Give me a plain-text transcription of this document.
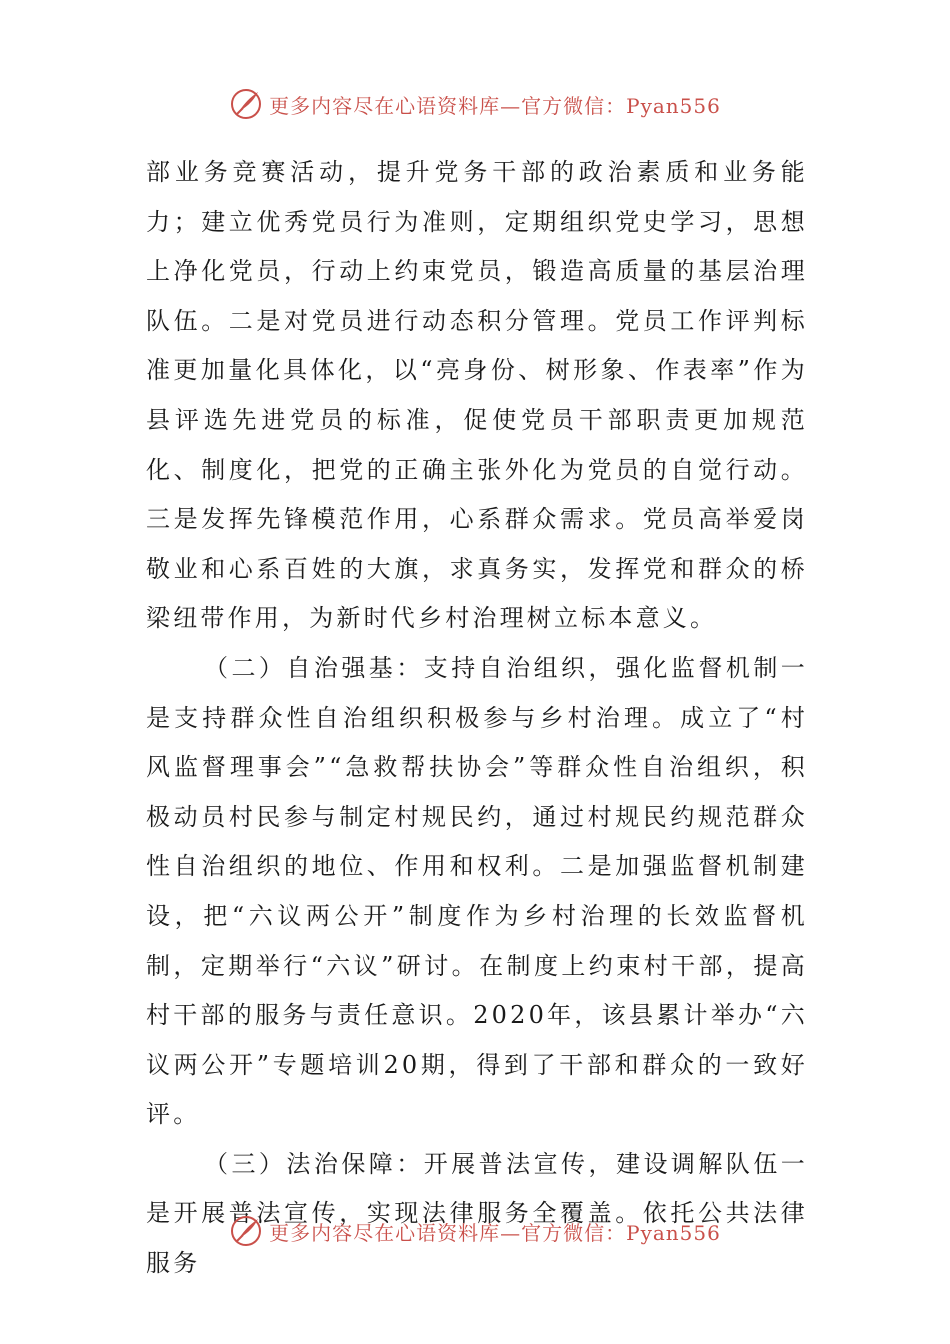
更多内容尽在心语资料库—官方微信：Pyan556

部业务竞赛活动，提升党务干部的政治素质和业务能力；建立优秀党员行为准则，定期组织党史学习，思想上净化党员，行动上约束党员，锻造高质量的基层治理队伍。二是对党员进行动态积分管理。党员工作评判标准更加量化具体化，以“亮身份、树形象、作表率”作为县评选先进党员的标准，促使党员干部职责更加规范化、制度化，把党的正确主张外化为党员的自觉行动。三是发挥先锋模范作用，心系群众需求。党员高举爱岗敬业和心系百姓的大旗，求真务实，发挥党和群众的桥梁纽带作用，为新时代乡村治理树立标本意义。

（二）自治强基：支持自治组织，强化监督机制一是支持群众性自治组织积极参与乡村治理。成立了“村风监督理事会”“急救帮扶协会”等群众性自治组织，积极动员村民参与制定村规民约，通过村规民约规范群众性自治组织的地位、作用和权利。二是加强监督机制建设，把“六议两公开”制度作为乡村治理的长效监督机制，定期举行“六议”研讨。在制度上约束村干部，提高村干部的服务与责任意识。2020年，该县累计举办“六议两公开”专题培训20期，得到了干部和群众的一致好评。

（三）法治保障：开展普法宣传，建设调解队伍一是开展普法宣传，实现法律服务全覆盖。依托公共法律服务

更多内容尽在心语资料库—官方微信：Pyan556
